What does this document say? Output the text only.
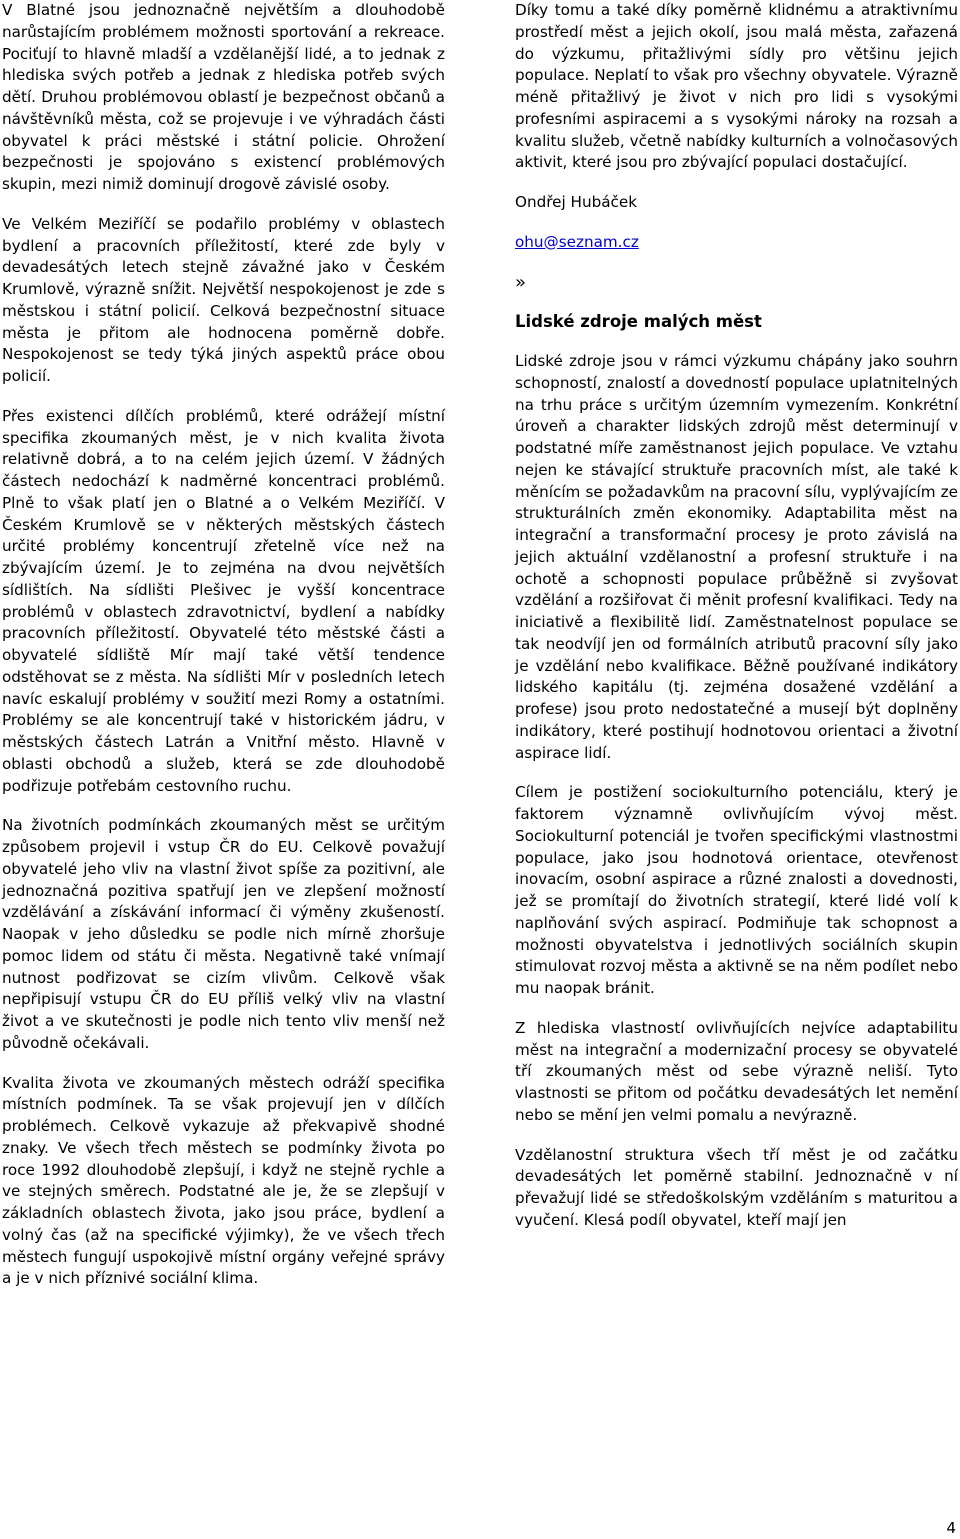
V Blatné jsou jednoznačně největším a dlouhodobě narůstajícím problémem možnosti sportování a rekreace. Pociťují to hlavně mladší a vzdělanější lidé, a to jednak z hlediska svých potřeb a jednak z hlediska potřeb svých dětí. Druhou problémovou oblastí je bezpečnost občanů a návštěvníků města, což se projevuje i ve výhradách části obyvatel k práci městské i státní policie. Ohrožení bezpečnosti je spojováno s existencí problémových skupin, mezi nimiž dominují drogově závislé osoby.

Ve Velkém Meziříčí se podařilo problémy v oblastech bydlení a pracovních příležitostí, které zde byly v devadesátých letech stejně závažné jako v Českém Krumlově, výrazně snížit. Největší nespokojenost je zde s městskou i státní policií. Celková bezpečnostní situace města je přitom ale hodnocena poměrně dobře. Nespokojenost se tedy týká jiných aspektů práce obou policií.

Přes existenci dílčích problémů, které odrážejí místní specifika zkoumaných měst, je v nich kvalita života relativně dobrá, a to na celém jejich území. V žádných částech nedochází k nadměrné koncentraci problémů. Plně to však platí jen o Blatné a o Velkém Meziříčí. V Českém Krumlově se v některých městských částech určité problémy koncentrují zřetelně více než na zbývajícím území. Je to zejména na dvou největších sídlištích. Na sídlišti Plešivec je vyšší koncentrace problémů v oblastech zdravotnictví, bydlení a nabídky pracovních příležitostí. Obyvatelé této městské části a obyvatelé sídliště Mír mají také větší tendence odstěhovat se z města. Na sídlišti Mír v posledních letech navíc eskalují problémy v soužití mezi Romy a ostatními. Problémy se ale koncentrují také v historickém jádru, v městských částech Latrán a Vnitřní město. Hlavně v oblasti obchodů a služeb, která se zde dlouhodobě podřizuje potřebám cestovního ruchu.

Na životních podmínkách zkoumaných měst se určitým způsobem projevil i vstup ČR do EU. Celkově považují obyvatelé jeho vliv na vlastní život spíše za pozitivní, ale jednoznačná pozitiva spatřují jen ve zlepšení možností vzdělávání a získávání informací či výměny zkušeností. Naopak v jeho důsledku se podle nich mírně zhoršuje pomoc lidem od státu či města. Negativně také vnímají nutnost podřizovat se cizím vlivům. Celkově však nepřipisují vstupu ČR do EU příliš velký vliv na vlastní život a ve skutečnosti je podle nich tento vliv menší než původně očekávali.

Kvalita života ve zkoumaných městech odráží specifika místních podmínek. Ta se však projevují jen v dílčích problémech. Celkově vykazuje až překvapivě shodné znaky. Ve všech třech městech se podmínky života po roce 1992 dlouhodobě zlepšují, i když ne stejně rychle a ve stejných směrech. Podstatné ale je, že se zlepšují v základních oblastech života, jako jsou práce, bydlení a volný čas (až na specifické výjimky), že ve všech třech městech fungují uspokojivě místní orgány veřejné správy a je v nich příznivé sociální klima.

Díky tomu a také díky poměrně klidnému a atraktivnímu prostředí měst a jejich okolí, jsou malá města, zařazená do výzkumu, přitažlivými sídly pro většinu jejich populace. Neplatí to však pro všechny obyvatele. Výrazně méně přitažlivý je život v nich pro lidi s vysokými profesními aspiracemi a s vysokými nároky na rozsah a kvalitu služeb, včetně nabídky kulturních a volnočasových aktivit, které jsou pro zbývající populaci dostačující.

Ondřej Hubáček

ohu@seznam.cz

»

Lidské zdroje malých měst

Lidské zdroje jsou v rámci výzkumu chápány jako souhrn schopností, znalostí a dovedností populace uplatnitelných na trhu práce s určitým územním vymezením. Konkrétní úroveň a charakter lidských zdrojů měst determinují v podstatné míře zaměstnanost jejich populace. Ve vztahu nejen ke stávající struktuře pracovních míst, ale také k měnícím se požadavkům na pracovní sílu, vyplývajícím ze strukturálních změn ekonomiky. Adaptabilita měst na integrační a transformační procesy je proto závislá na jejich aktuální vzdělanostní a profesní struktuře i na ochotě a schopnosti populace průběžně si zvyšovat vzdělání a rozšiřovat či měnit profesní kvalifikaci. Tedy na iniciativě a flexibilitě lidí. Zaměstnatelnost populace se tak neodvíjí jen od formálních atributů pracovní síly jako je vzdělání nebo kvalifikace. Běžně používané indikátory lidského kapitálu (tj. zejména dosažené vzdělání a profese) jsou proto nedostatečné a musejí být doplněny indikátory, které postihují hodnotovou orientaci a životní aspirace lidí.

Cílem je postižení sociokulturního potenciálu, který je faktorem významně ovlivňujícím vývoj měst. Sociokulturní potenciál je tvořen specifickými vlastnostmi populace, jako jsou hodnotová orientace, otevřenost inovacím, osobní aspirace a různé znalosti a dovednosti, jež se promítají do životních strategií, které lidé volí k naplňování svých aspirací. Podmiňuje tak schopnost a možnosti obyvatelstva i jednotlivých sociálních skupin stimulovat rozvoj města a aktivně se na něm podílet nebo mu naopak bránit.

Z hlediska vlastností ovlivňujících nejvíce adaptabilitu měst na integrační a modernizační procesy se obyvatelé tří zkoumaných měst od sebe výrazně neliší. Tyto vlastnosti se přitom od počátku devadesátých let nemění nebo se mění jen velmi pomalu a nevýrazně.

Vzdělanostní struktura všech tří měst je od začátku devadesátých let poměrně stabilní. Jednoznačně v ní převažují lidé se středoškolským vzděláním s maturitou a vyučení. Klesá podíl obyvatel, kteří mají jen

4
